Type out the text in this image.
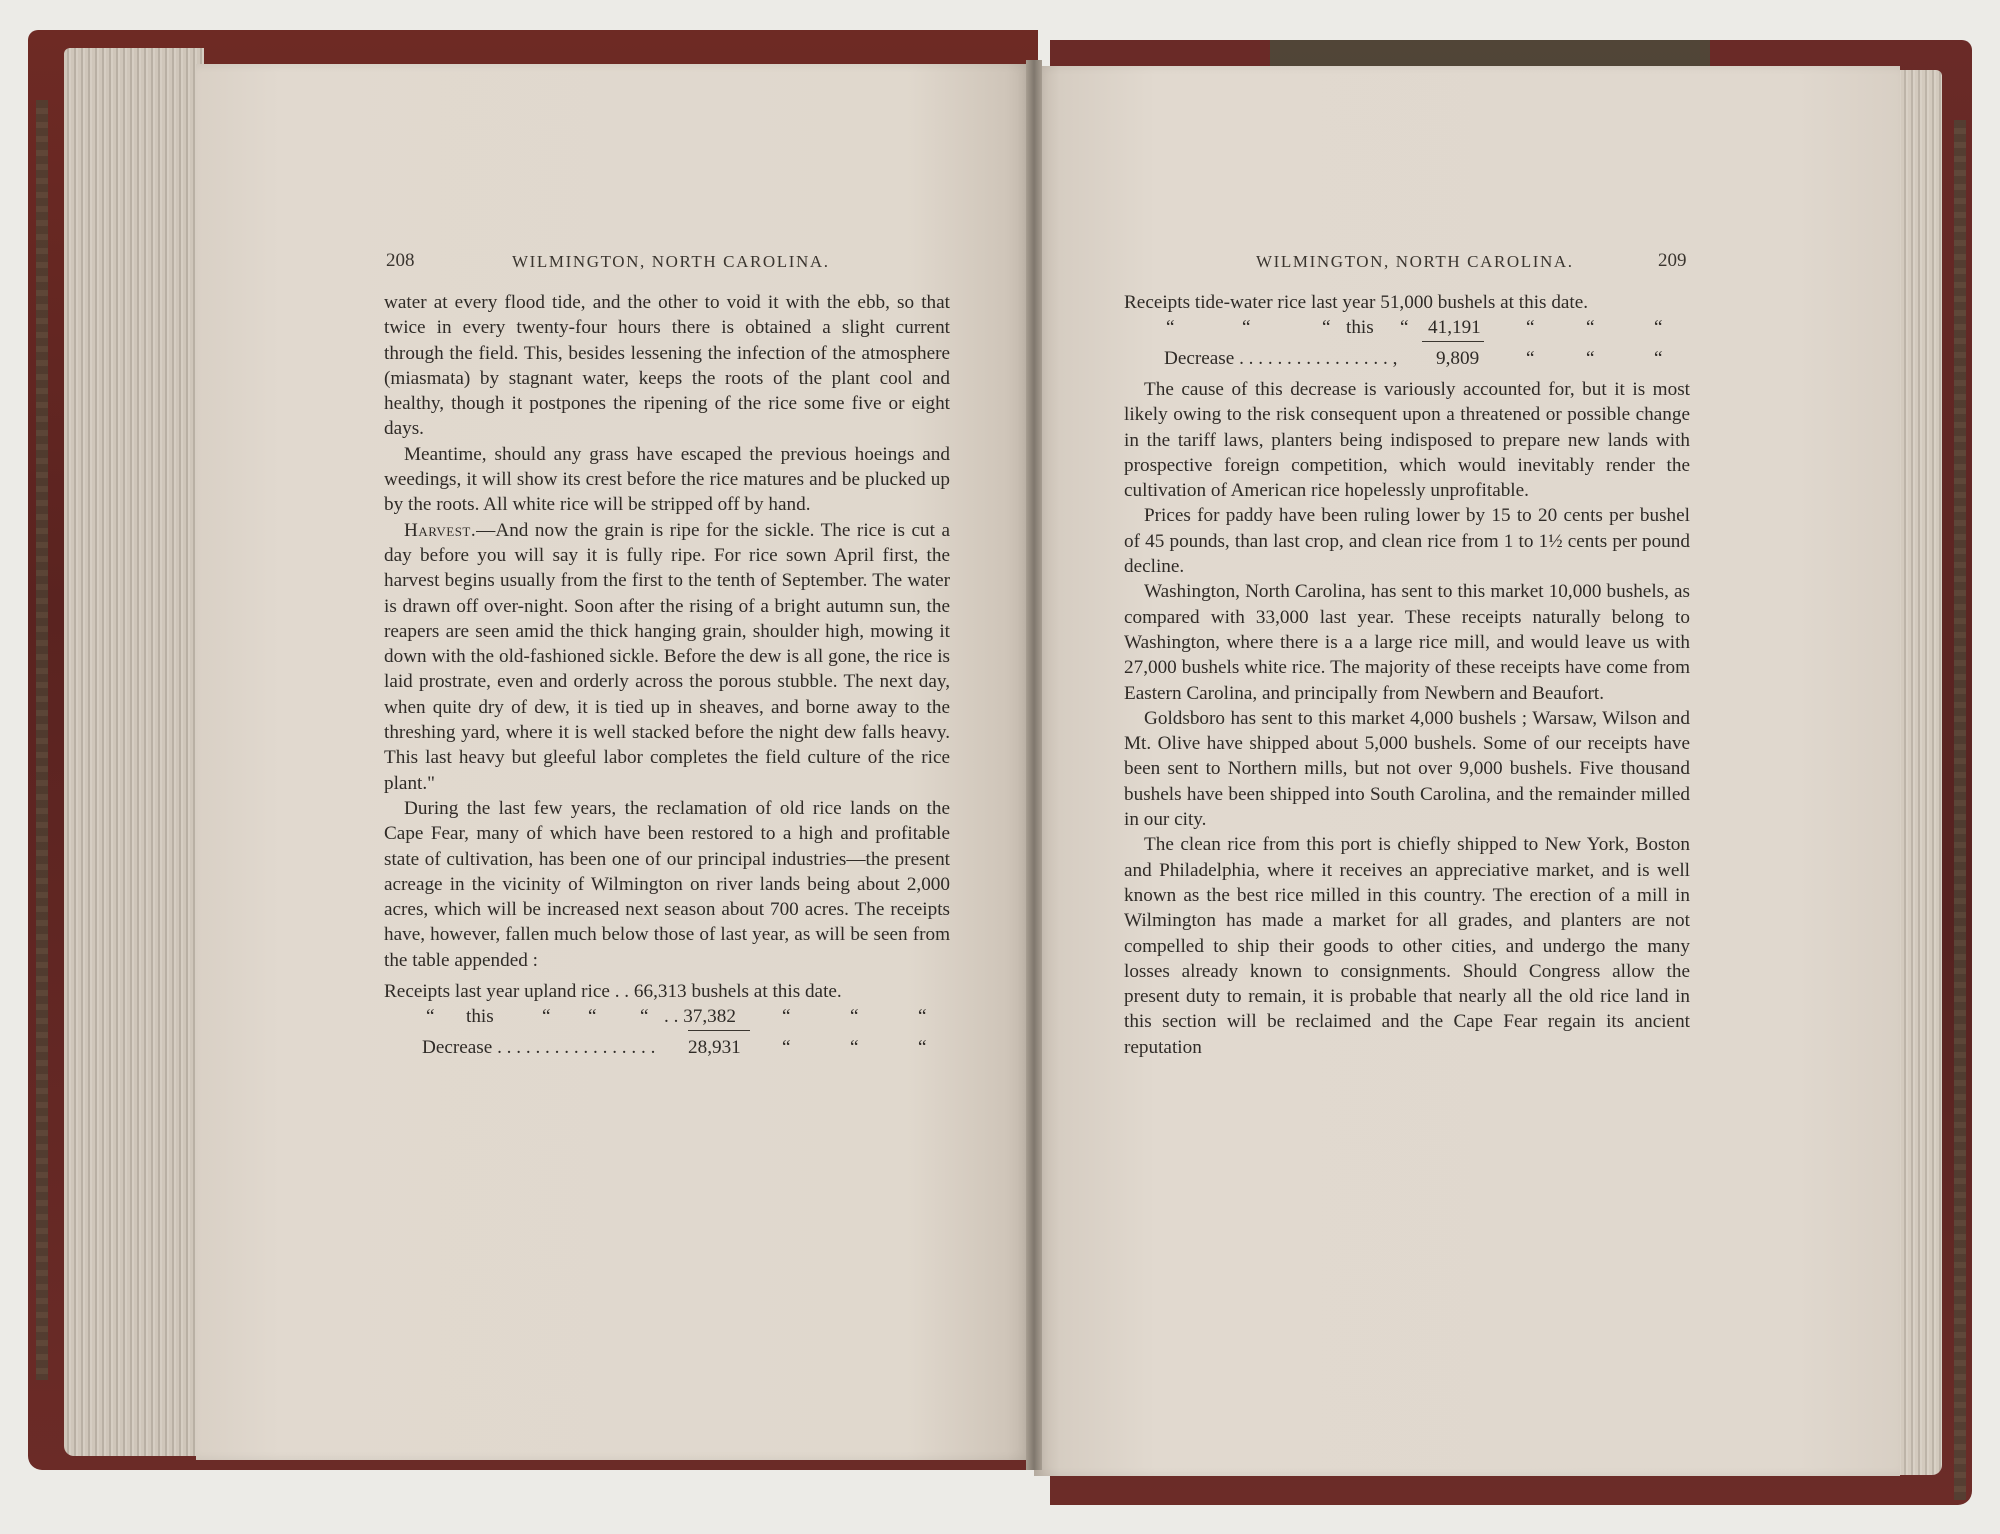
208	WILMINGTON, NORTH CAROLINA.

water at every flood tide, and the other to void it with the ebb, so that twice in every twenty-four hours there is obtained a slight current through the field. This, besides lessening the infection of the atmosphere (miasmata) by stagnant water, keeps the roots of the plant cool and healthy, though it postpones the ripening of the rice some five or eight days.

Meantime, should any grass have escaped the previous hoeings and weedings, it will show its crest before the rice matures and be plucked up by the roots. All white rice will be stripped off by hand.

Harvest.—And now the grain is ripe for the sickle. The rice is cut a day before you will say it is fully ripe. For rice sown April first, the harvest begins usually from the first to the tenth of September. The water is drawn off over-night. Soon after the rising of a bright autumn sun, the reapers are seen amid the thick hanging grain, shoulder high, mowing it down with the old-fashioned sickle. Before the dew is all gone, the rice is laid prostrate, even and orderly across the porous stubble. The next day, when quite dry of dew, it is tied up in sheaves, and borne away to the threshing yard, where it is well stacked before the night dew falls heavy. This last heavy but gleeful labor completes the field culture of the rice plant."

During the last few years, the reclamation of old rice lands on the Cape Fear, many of which have been restored to a high and profitable state of cultivation, has been one of our principal industries—the present acreage in the vicinity of Wilmington on river lands being about 2,000 acres, which will be increased next season about 700 acres. The receipts have, however, fallen much below those of last year, as will be seen from the table appended :

Receipts last year upland rice . . 66,313 bushels at this date.
“ this	“ “ “ . . 37,382 “	“	“
Decrease . . . . . . . . . . . . . . . . . 28,931 “	“	“
WILMINGTON, NORTH CAROLINA.	209
Receipts tide-water rice last year 51,000 bushels at this date.
“	“	“ this “ 41,191 “	“	“
Decrease . . . . . . . . . . . . . . . . , 9,809 “	“	“

The cause of this decrease is variously accounted for, but it is most likely owing to the risk consequent upon a threatened or possible change in the tariff laws, planters being indisposed to prepare new lands with prospective foreign competition, which would inevitably render the cultivation of American rice hopelessly unprofitable.

Prices for paddy have been ruling lower by 15 to 20 cents per bushel of 45 pounds, than last crop, and clean rice from 1 to 1½ cents per pound decline.

Washington, North Carolina, has sent to this market 10,000 bushels, as compared with 33,000 last year. These receipts naturally belong to Washington, where there is a a large rice mill, and would leave us with 27,000 bushels white rice. The majority of these receipts have come from Eastern Carolina, and principally from Newbern and Beaufort.

Goldsboro has sent to this market 4,000 bushels ; Warsaw, Wilson and Mt. Olive have shipped about 5,000 bushels. Some of our receipts have been sent to Northern mills, but not over 9,000 bushels. Five thousand bushels have been shipped into South Carolina, and the remainder milled in our city.

The clean rice from this port is chiefly shipped to New York, Boston and Philadelphia, where it receives an appreciative market, and is well known as the best rice milled in this country. The erection of a mill in Wilmington has made a market for all grades, and planters are not compelled to ship their goods to other cities, and undergo the many losses already known to consignments. Should Congress allow the present duty to remain, it is probable that nearly all the old rice land in this section will be reclaimed and the Cape Fear regain its ancient reputation
